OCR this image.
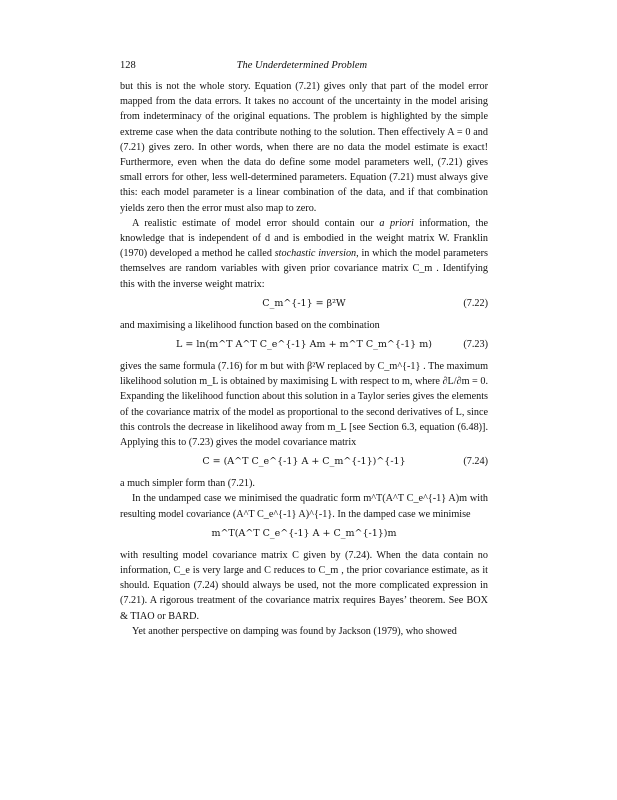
128	The Underdetermined Problem

but this is not the whole story. Equation (7.21) gives only that part of the model error mapped from the data errors. It takes no account of the uncertainty in the model arising from indeterminacy of the original equations. The problem is highlighted by the simple extreme case when the data contribute nothing to the solution. Then effectively A = 0 and (7.21) gives zero. In other words, when there are no data the model estimate is exact! Furthermore, even when the data do define some model parameters well, (7.21) gives small errors for other, less well-determined parameters. Equation (7.21) must always give this: each model parameter is a linear combination of the data, and if that combination yields zero then the error must also map to zero.

A realistic estimate of model error should contain our a priori information, the knowledge that is independent of d and is embodied in the weight matrix W. Franklin (1970) developed a method he called stochastic inversion, in which the model parameters themselves are random variables with given prior covariance matrix C_m . Identifying this with the inverse weight matrix:

C_m^{-1} = β²W	(7.22)

and maximising a likelihood function based on the combination

L = ln(m^T A^T C_e^{-1} Am + m^T C_m^{-1} m)	(7.23)

gives the same formula (7.16) for m but with β²W replaced by C_m^{-1} . The maximum likelihood solution m_L is obtained by maximising L with respect to m, where ∂L/∂m = 0. Expanding the likelihood function about this solution in a Taylor series gives the elements of the covariance matrix of the model as proportional to the second derivatives of L, since this controls the decrease in likelihood away from m_L [see Section 6.3, equation (6.48)]. Applying this to (7.23) gives the model covariance matrix

C = (A^T C_e^{-1} A + C_m^{-1})^{-1}	(7.24)

a much simpler form than (7.21).

In the undamped case we minimised the quadratic form m^T(A^T C_e^{-1} A)m with resulting model covariance (A^T C_e^{-1} A)^{-1}. In the damped case we minimise

m^T(A^T C_e^{-1} A + C_m^{-1})m

with resulting model covariance matrix C given by (7.24). When the data contain no information, C_e is very large and C reduces to C_m , the prior covariance estimate, as it should. Equation (7.24) should always be used, not the more complicated expression in (7.21). A rigorous treatment of the covariance matrix requires Bayes’ theorem. See BOX & TIAO or BARD.

Yet another perspective on damping was found by Jackson (1979), who showed
